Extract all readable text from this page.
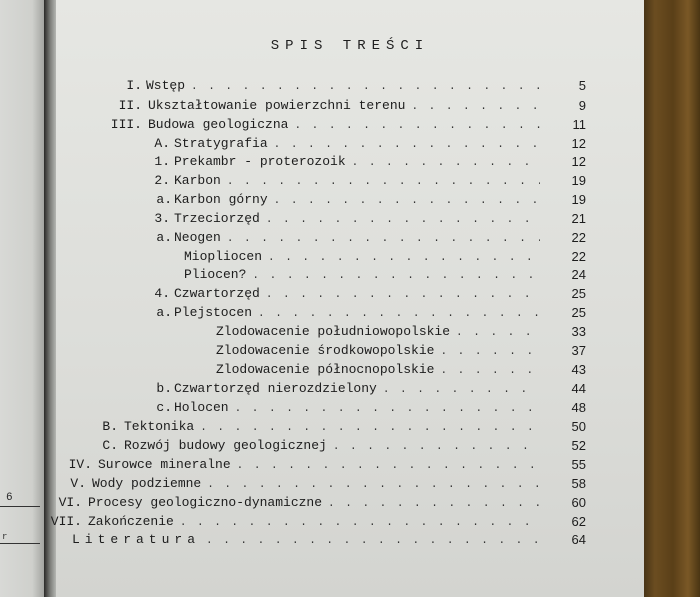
6
r
SPIS TREŚCI
I. Wstęp . . .	5
II. Ukształtowanie powierzchni terenu . . .	9
III. Budowa geologiczna . . .	11
A. Stratygrafia . . .	12
1. Prekambr - proterozoik . . .	12
2. Karbon . . .	19
a. Karbon górny . . .	19
3. Trzeciorzęd . . .	21
a. Neogen . . .	22
Miopliocen . . .	22
Pliocen? . . .	24
4. Czwartorzęd . . .	25
a. Plejstocen . . .	25
Zlodowacenie południowopolskie . . .	33
Zlodowacenie środkowopolskie . . .	37
Zlodowacenie północnopolskie . . .	43
b. Czwartorzęd nierozdzielony . . .	44
c. Holocen . . .	48
B. Tektonika . . .	50
C. Rozwój budowy geologicznej . . .	52
IV. Surowce mineralne . . .	55
V. Wody podziemne . . .	58
VI. Procesy geologiczno-dynamiczne . . .	60
VII. Zakończenie . . .	62
Literatura . . .	64
